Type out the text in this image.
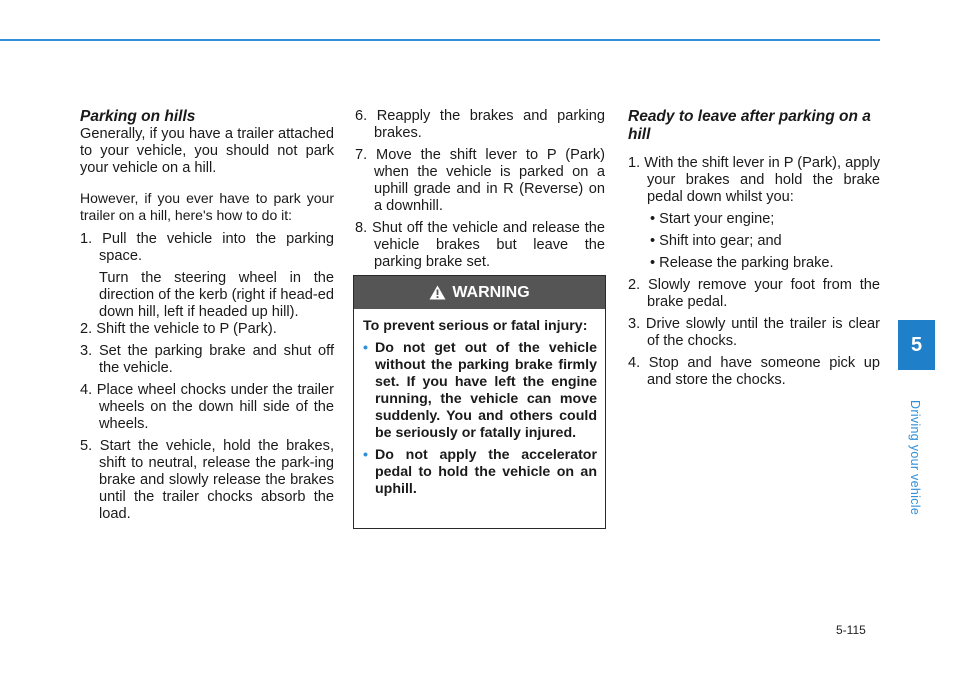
Parking on hills

Generally, if you have a trailer attached to your vehicle, you should not park your vehicle on a hill.

However, if you ever have to park your trailer on a hill, here's how to do it:

1. Pull the vehicle into the parking space.

Turn the steering wheel in the direction of the kerb (right if head-ed down hill, left if headed up hill).

2. Shift the vehicle to P (Park).
3. Set the parking brake and shut off the vehicle.
4. Place wheel chocks under the trailer wheels on the down hill side of the wheels.
5. Start the vehicle, hold the brakes, shift to neutral, release the park-ing brake and slowly release the brakes until the trailer chocks absorb the load.
6. Reapply the brakes and parking brakes.
7. Move the shift lever to P (Park) when the vehicle is parked on a uphill grade and in R (Reverse) on a downhill.
8. Shut off the vehicle and release the vehicle brakes but leave the parking brake set.
WARNING

To prevent serious or fatal injury:

• Do not get out of the vehicle without the parking brake firmly set. If you have left the engine running, the vehicle can move suddenly. You and others could be seriously or fatally injured.
• Do not apply the accelerator pedal to hold the vehicle on an uphill.

Ready to leave after parking on a hill

1. With the shift lever in P (Park), apply your brakes and hold the brake pedal down whilst you:
• Start your engine;
• Shift into gear; and
• Release the parking brake.
2. Slowly remove your foot from the brake pedal.
3. Drive slowly until the trailer is clear of the chocks.
4. Stop and have someone pick up and store the chocks.
5
Driving your vehicle
5-115
